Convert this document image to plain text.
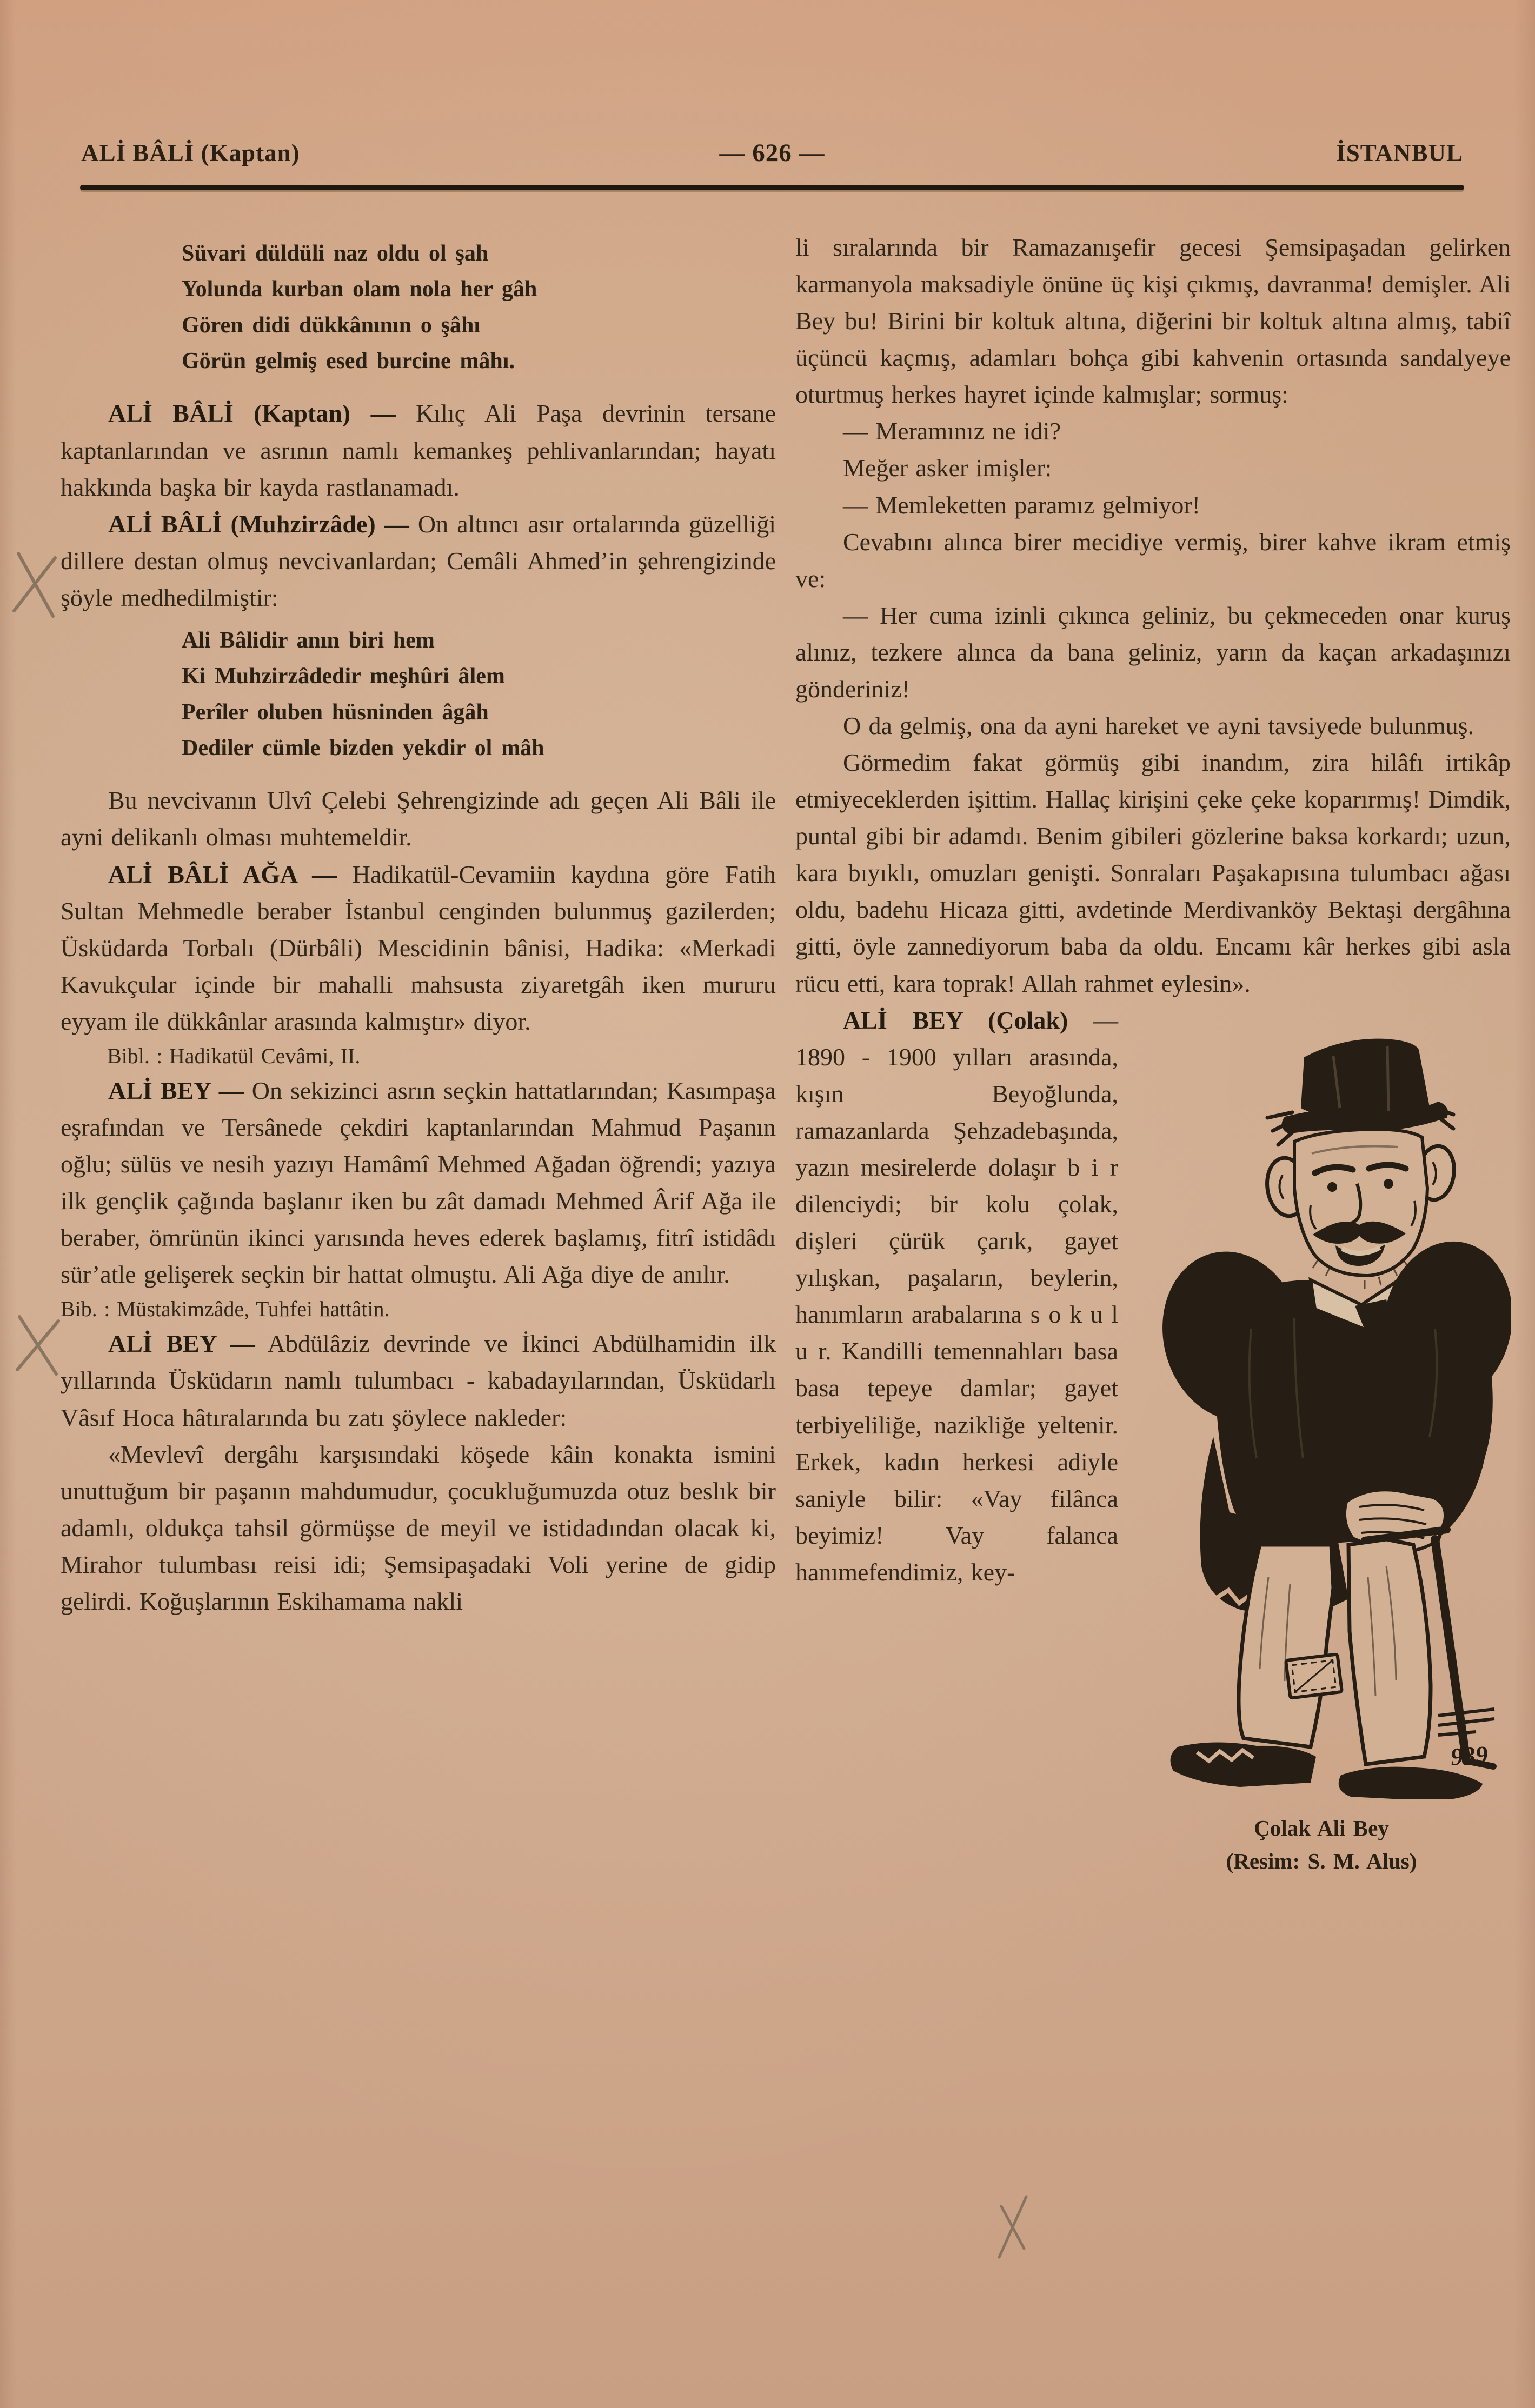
ALİ BÂLİ (Kaptan)	— 626 —	İSTANBUL
Süvari düldüli naz oldu ol şah
Yolunda kurban olam nola her gâh
Gören didi dükkânının o şâhı
Görün gelmiş esed burcine mâhı.

ALİ BÂLİ (Kaptan) — Kılıç Ali Paşa devrinin tersane kaptanlarından ve asrının namlı kemankeş pehlivanlarından; hayatı hakkında başka bir kayda rastlanamadı.

ALİ BÂLİ (Muhzirzâde) — On altıncı asır ortalarında güzelliği dillere destan olmuş nevcivanlardan; Cemâli Ahmed’in şehrengizinde şöyle medhedilmiştir:

Ali Bâlidir anın biri hem
Ki Muhzirzâdedir meşhûri âlem
Perîler oluben hüsninden âgâh
Dediler cümle bizden yekdir ol mâh

Bu nevcivanın Ulvî Çelebi Şehrengizinde adı geçen Ali Bâli ile ayni delikanlı olması muhtemeldir.

ALİ BÂLİ AĞA — Hadikatül-Cevamiin kaydına göre Fatih Sultan Mehmedle beraber İstanbul cenginden bulunmuş gazilerden; Üsküdarda Torbalı (Dürbâli) Mescidinin bânisi, Hadika: «Merkadi Kavukçular içinde bir mahalli mahsusta ziyaretgâh iken mururu eyyam ile dükkânlar arasında kalmıştır» diyor.

Bibl. : Hadikatül Cevâmi, II.

ALİ BEY — On sekizinci asrın seçkin hattatlarından; Kasımpaşa eşrafından ve Tersânede çekdiri kaptanlarından Mahmud Paşanın oğlu; sülüs ve nesih yazıyı Hamâmî Mehmed Ağadan öğrendi; yazıya ilk gençlik çağında başlanır iken bu zât damadı Mehmed Ârif Ağa ile beraber, ömrünün ikinci yarısında heves ederek başlamış, fitrî istidâdı sür’atle gelişerek seçkin bir hattat olmuştu. Ali Ağa diye de anılır.

Bib. : Müstakimzâde, Tuhfei hattâtin.

ALİ BEY — Abdülâziz devrinde ve İkinci Abdülhamidin ilk yıllarında Üsküdarın namlı tulumbacı - kabadayılarından, Üsküdarlı Vâsıf Hoca hâtıralarında bu zatı şöylece nakleder:

«Mevlevî dergâhı karşısındaki köşede kâin konakta ismini unuttuğum bir paşanın mahdumudur, çocukluğumuzda otuz beslık bir adamlı, oldukça tahsil görmüşse de meyil ve istidadından olacak ki, Mirahor tulumbası reisi idi; Şemsipaşadaki Voli yerine de gidip gelirdi. Koğuşlarının Eskihamama nakli

li sıralarında bir Ramazanışefir gecesi Şemsipaşadan gelirken karmanyola maksadiyle önüne üç kişi çıkmış, davranma! demişler. Ali Bey bu! Birini bir koltuk altına, diğerini bir koltuk altına almış, tabiî üçüncü kaçmış, adamları bohça gibi kahvenin ortasında sandalyeye oturtmuş herkes hayret içinde kalmışlar; sormuş:

— Meramınız ne idi?

Meğer asker imişler:

— Memleketten paramız gelmiyor!

Cevabını alınca birer mecidiye vermiş, birer kahve ikram etmiş ve:

— Her cuma izinli çıkınca geliniz, bu çekmeceden onar kuruş alınız, tezkere alınca da bana geliniz, yarın da kaçan arkadaşınızı gönderiniz!

O da gelmiş, ona da ayni hareket ve ayni tavsiyede bulunmuş.

Görmedim fakat görmüş gibi inandım, zira hilâfı irtikâp etmiyeceklerden işittim. Hallaç kirişini çeke çeke koparırmış! Dimdik, puntal gibi bir adamdı. Benim gibileri gözlerine baksa korkardı; uzun, kara bıyıklı, omuzları genişti. Sonraları Paşakapısına tulumbacı ağası oldu, badehu Hicaza gitti, avdetinde Merdivanköy Bektaşi dergâhına gitti, öyle zannediyorum baba da oldu. Encamı kâr herkes gibi asla rücu etti, kara toprak! Allah rahmet eylesin».

939
Çolak Ali Bey
(Resim: S. M. Alus)

ALİ BEY (Çolak) — 1890 - 1900 yılları arasında, kışın Beyoğlunda, ramazanlarda Şehzadebaşında, yazın mesirelerde dolaşır b i r dilenciydi; bir kolu çolak, dişleri çürük çarık, gayet yılışkan, paşaların, beylerin, hanımların arabalarına s o k u l u r. Kandilli temennahları basa basa tepeye damlar; gayet terbiyeliliğe, nazikliğe yeltenir. Erkek, kadın herkesi adiyle saniyle bilir: «Vay filânca beyimiz! Vay falanca hanımefendimiz, key-
